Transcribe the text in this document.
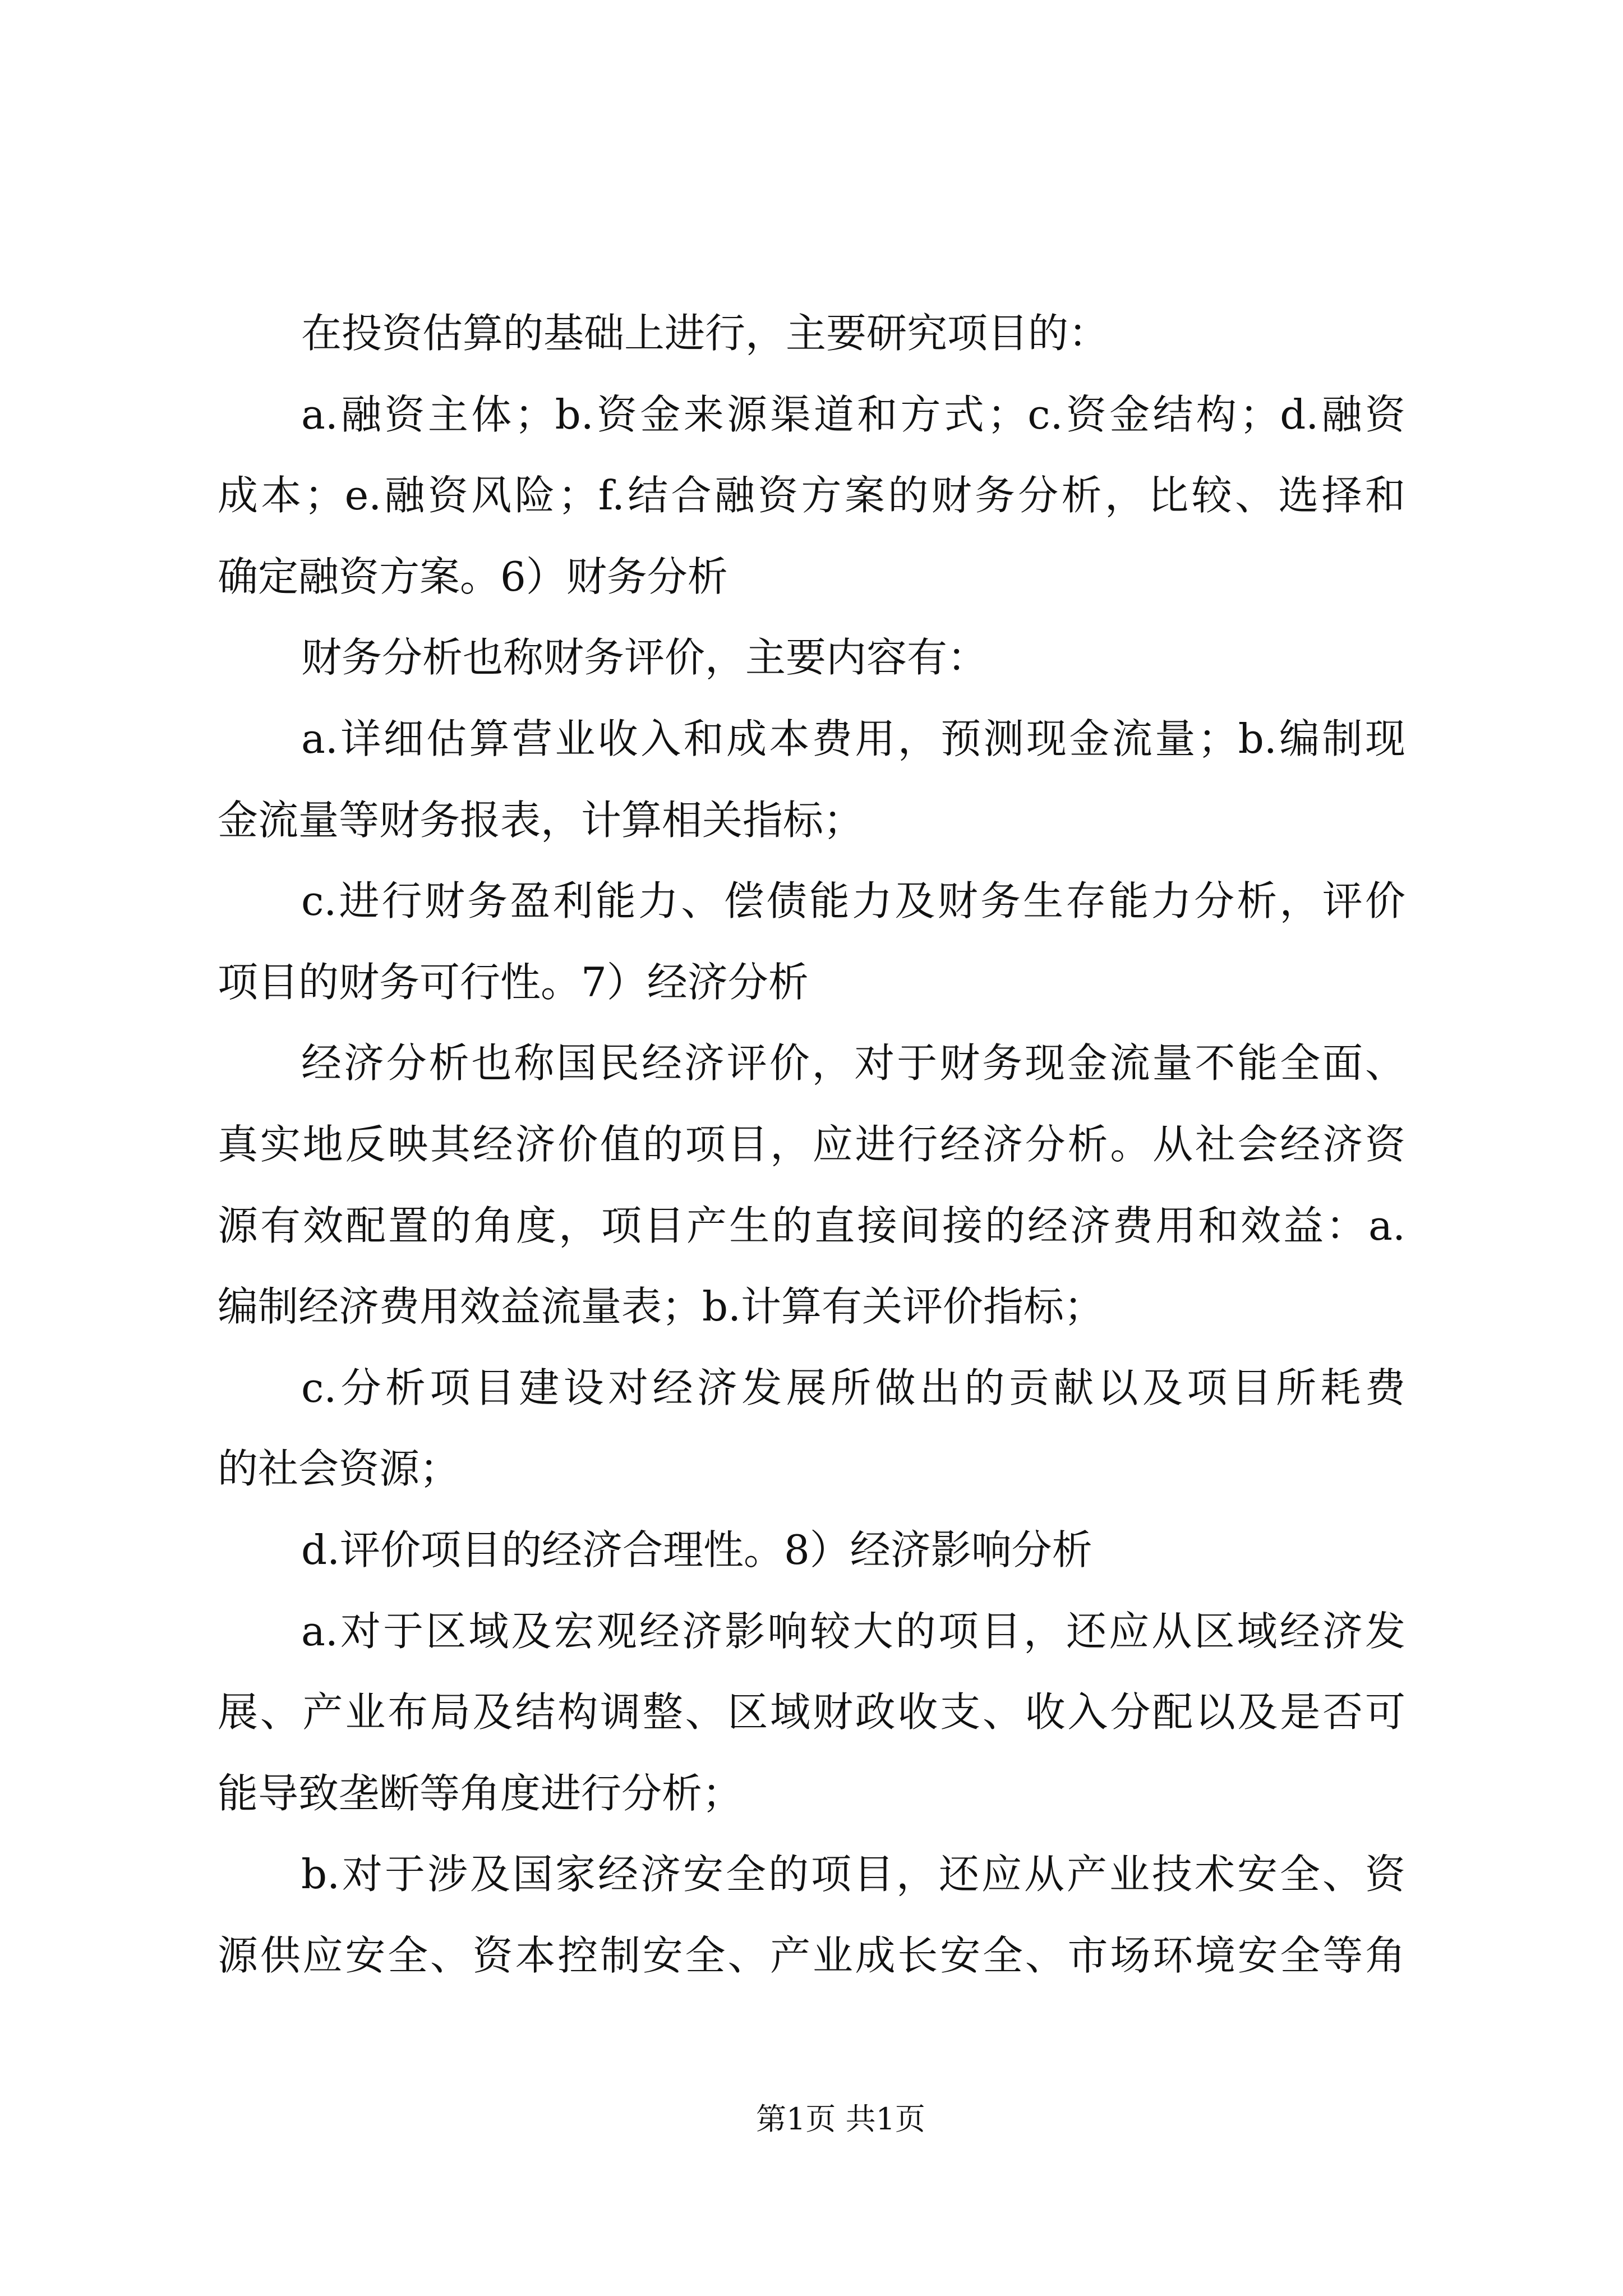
在投资估算的基础上进行，主要研究项目的：
a.融资主体；b.资金来源渠道和方式；c.资金结构；d.融资
成本；e.融资风险；f.结合融资方案的财务分析，比较、选择和
确定融资方案。6）财务分析
财务分析也称财务评价，主要内容有：
a.详细估算营业收入和成本费用，预测现金流量；b.编制现
金流量等财务报表，计算相关指标；
c.进行财务盈利能力、偿债能力及财务生存能力分析，评价
项目的财务可行性。7）经济分析
经济分析也称国民经济评价，对于财务现金流量不能全面、
真实地反映其经济价值的项目，应进行经济分析。从社会经济资
源有效配置的角度，项目产生的直接间接的经济费用和效益：a.
编制经济费用效益流量表；b.计算有关评价指标；
c.分析项目建设对经济发展所做出的贡献以及项目所耗费
的社会资源；
d.评价项目的经济合理性。8）经济影响分析
a.对于区域及宏观经济影响较大的项目，还应从区域经济发
展、产业布局及结构调整、区域财政收支、收入分配以及是否可
能导致垄断等角度进行分析；
b.对于涉及国家经济安全的项目，还应从产业技术安全、资
源供应安全、资本控制安全、产业成长安全、市场环境安全等角
第1页 共1页
